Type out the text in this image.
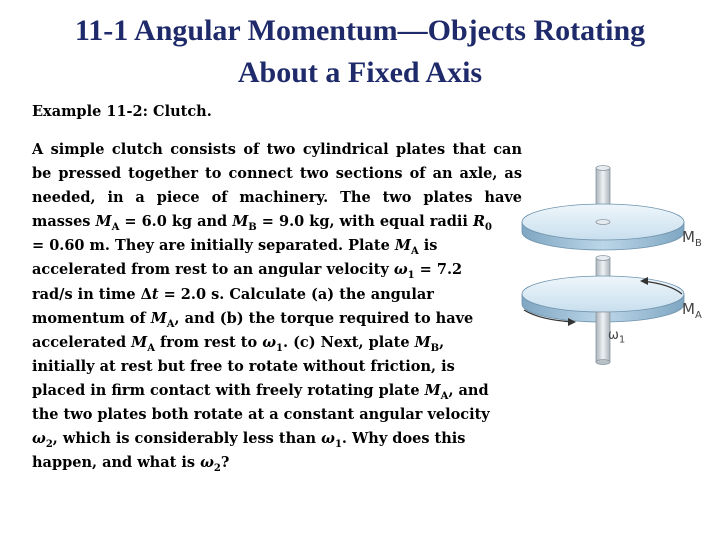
11-1 Angular Momentum—Objects Rotating
About a Fixed Axis

Example 11-2: Clutch.

A simple clutch consists of two cylindrical plates that can
be pressed together to connect two sections of an axle, as
needed, in a piece of machinery. The two plates have
masses $M_A = 6.0$ kg and $M_B = 9.0$ kg, with equal radii $R_0$
= 0.60 m. They are initially separated. Plate $M_A$ is
accelerated from rest to an angular velocity $\omega_1 = 7.2$
rad/s in time Δt = 2.0 s. Calculate (a) the angular
momentum of $M_A$, and (b) the torque required to have
accelerated $M_A$ from rest to $\omega_1$. (c) Next, plate $M_B$,
initially at rest but free to rotate without friction, is
placed in firm contact with freely rotating plate $M_A$, and
the two plates both rotate at a constant angular velocity
$\omega_2$, which is considerably less than $\omega_1$. Why does this
happen, and what is $\omega_2$?

$M_B$

$M_A$

$\omega_1$
